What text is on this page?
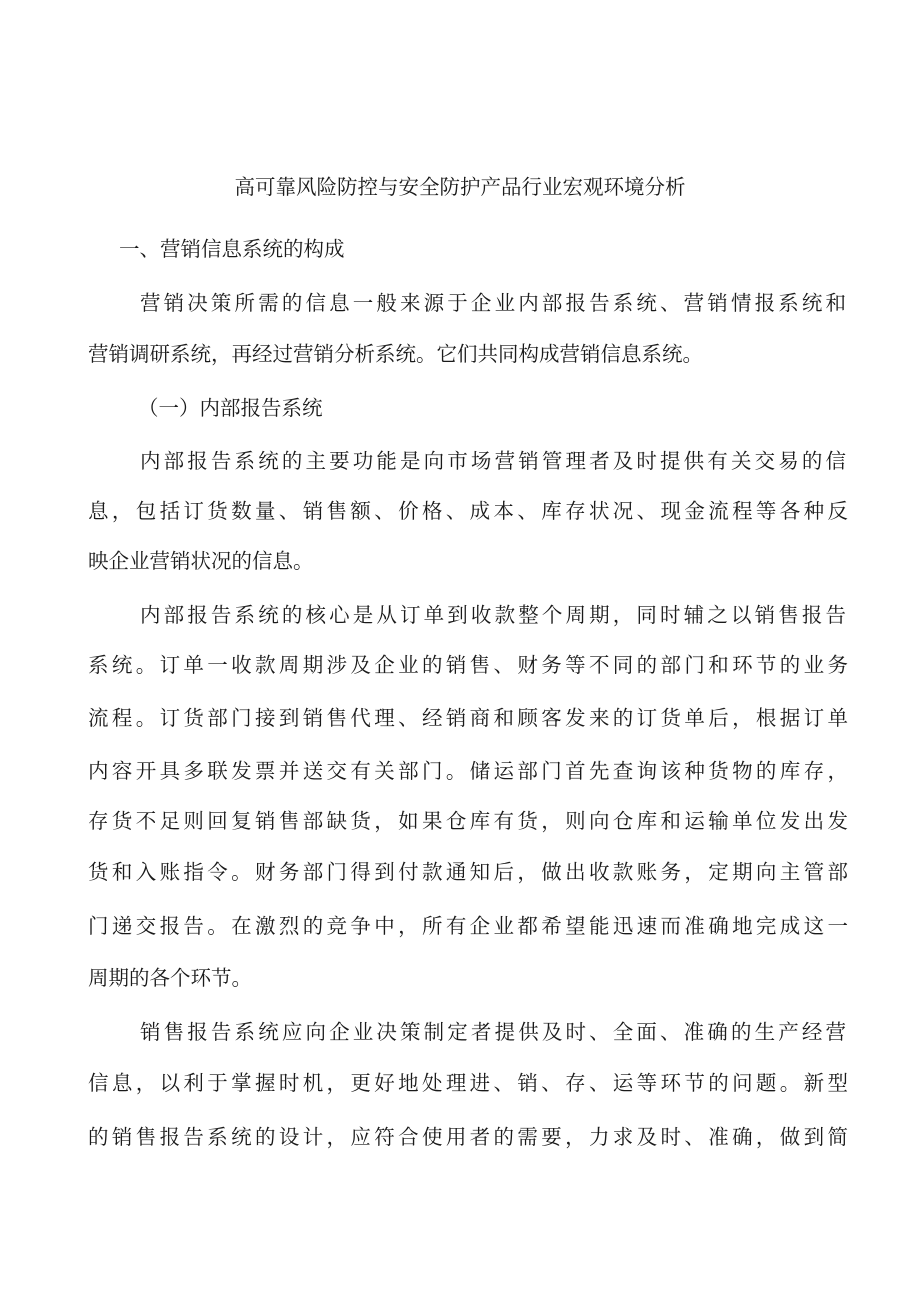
高可靠风险防控与安全防护产品行业宏观环境分析

一、营销信息系统的构成

营销决策所需的信息一般来源于企业内部报告系统、营销情报系统和

营销调研系统，再经过营销分析系统。它们共同构成营销信息系统。

（一）内部报告系统

内部报告系统的主要功能是向市场营销管理者及时提供有关交易的信

息，包括订货数量、销售额、价格、成本、库存状况、现金流程等各种反

映企业营销状况的信息。

内部报告系统的核心是从订单到收款整个周期，同时辅之以销售报告

系统。订单一收款周期涉及企业的销售、财务等不同的部门和环节的业务

流程。订货部门接到销售代理、经销商和顾客发来的订货单后，根据订单

内容开具多联发票并送交有关部门。储运部门首先查询该种货物的库存，

存货不足则回复销售部缺货，如果仓库有货，则向仓库和运输单位发出发

货和入账指令。财务部门得到付款通知后，做出收款账务，定期向主管部

门递交报告。在激烈的竞争中，所有企业都希望能迅速而准确地完成这一

周期的各个环节。

销售报告系统应向企业决策制定者提供及时、全面、准确的生产经营

信息，以利于掌握时机，更好地处理进、销、存、运等环节的问题。新型

的销售报告系统的设计，应符合使用者的需要，力求及时、准确，做到简
